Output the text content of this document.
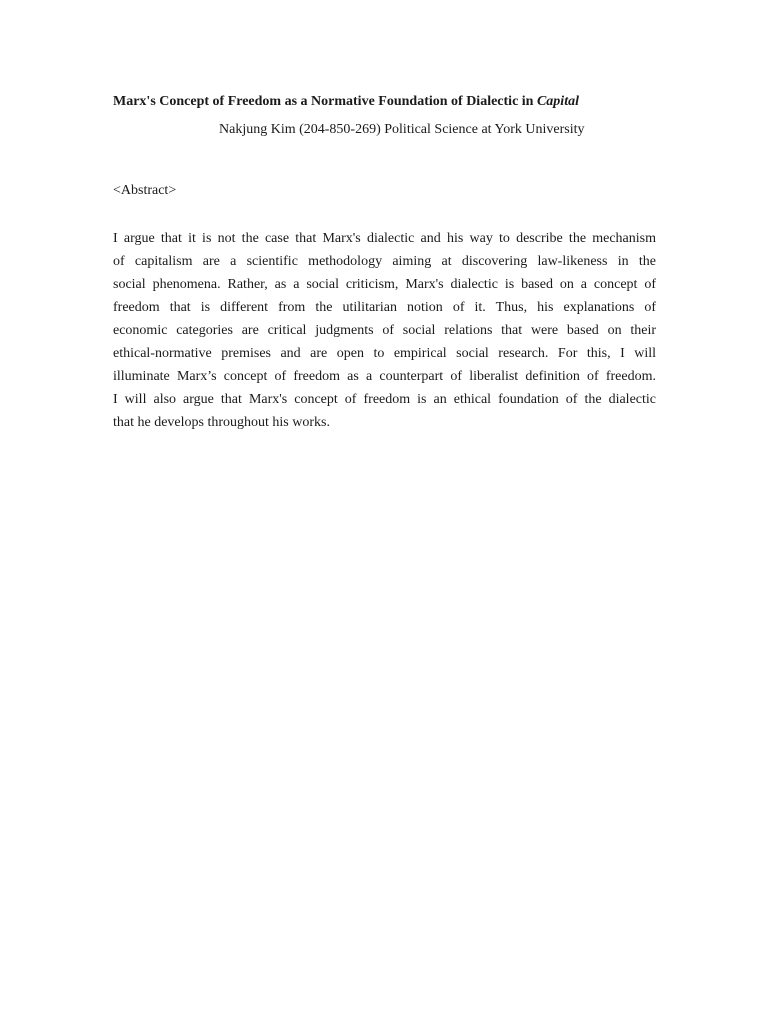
Marx's Concept of Freedom as a Normative Foundation of Dialectic in Capital
Nakjung Kim (204-850-269) Political Science at York University
<Abstract>
I argue that it is not the case that Marx's dialectic and his way to describe the mechanism
of capitalism are a scientific methodology aiming at discovering law-likeness in the
social phenomena. Rather, as a social criticism, Marx's dialectic is based on a concept of
freedom that is different from the utilitarian notion of it. Thus, his explanations of
economic categories are critical judgments of social relations that were based on their
ethical-normative premises and are open to empirical social research. For this, I will
illuminate Marx’s concept of freedom as a counterpart of liberalist definition of freedom.
I will also argue that Marx's concept of freedom is an ethical foundation of the dialectic
that he develops throughout his works.
